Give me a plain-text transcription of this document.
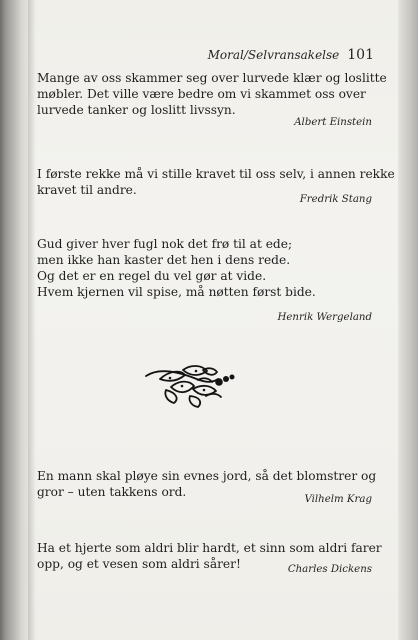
Moral/Selvransakelse 101

Mange av oss skammer seg over lurvede klær og loslitte

møbler. Det ville være bedre om vi skammet oss over

lurvede tanker og loslitt livssyn.

Albert Einstein

I første rekke må vi stille kravet til oss selv, i annen rekke

kravet til andre.

Fredrik Stang

Gud giver hver fugl nok det frø til at ede;

men ikke han kaster det hen i dens rede.

Og det er en regel du vel gør at vide.

Hvem kjernen vil spise, må nøtten først bide.

Henrik Wergeland

En mann skal pløye sin evnes jord, så det blomstrer og

gror – uten takkens ord.

Vilhelm Krag

Ha et hjerte som aldri blir hardt, et sinn som aldri farer

opp, og et vesen som aldri sårer!	Charles Dickens
